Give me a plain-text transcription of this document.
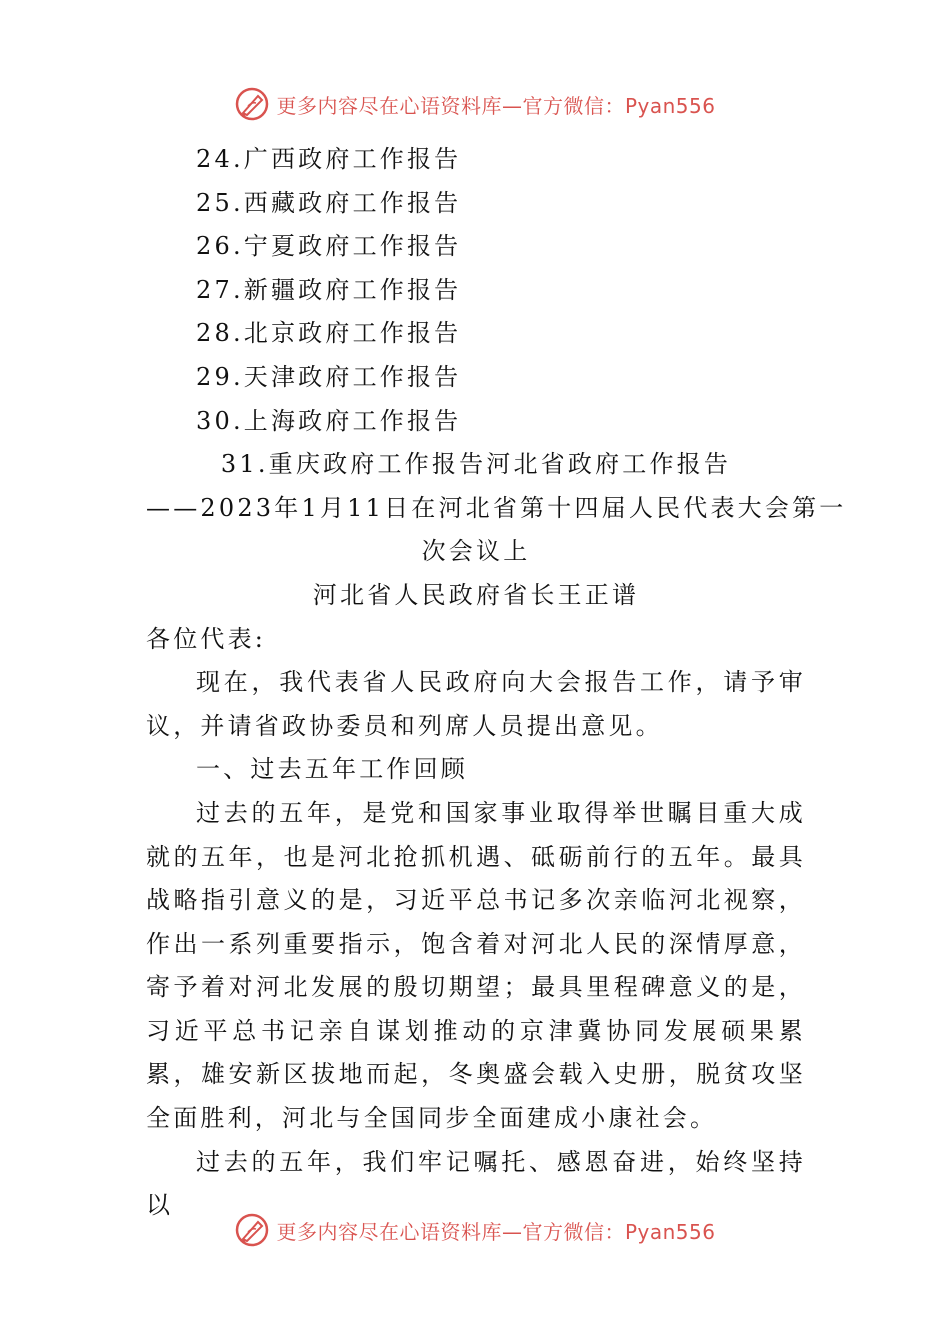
更多内容尽在心语资料库—官方微信：Pyan556
24.广西政府工作报告
25.西藏政府工作报告
26.宁夏政府工作报告
27.新疆政府工作报告
28.北京政府工作报告
29.天津政府工作报告
30.上海政府工作报告
31.重庆政府工作报告河北省政府工作报告
——2023年1月11日在河北省第十四届人民代表大会第一
次会议上
河北省人民政府省长王正谱

各位代表:

现在，我代表省人民政府向大会报告工作，请予审议，并请省政协委员和列席人员提出意见。

一、过去五年工作回顾

过去的五年，是党和国家事业取得举世瞩目重大成就的五年，也是河北抢抓机遇、砥砺前行的五年。最具战略指引意义的是，习近平总书记多次亲临河北视察，作出一系列重要指示，饱含着对河北人民的深情厚意，寄予着对河北发展的殷切期望；最具里程碑意义的是，习近平总书记亲自谋划推动的京津冀协同发展硕果累累，雄安新区拔地而起，冬奥盛会载入史册，脱贫攻坚全面胜利，河北与全国同步全面建成小康社会。

过去的五年，我们牢记嘱托、感恩奋进，始终坚持以

更多内容尽在心语资料库—官方微信：Pyan556
